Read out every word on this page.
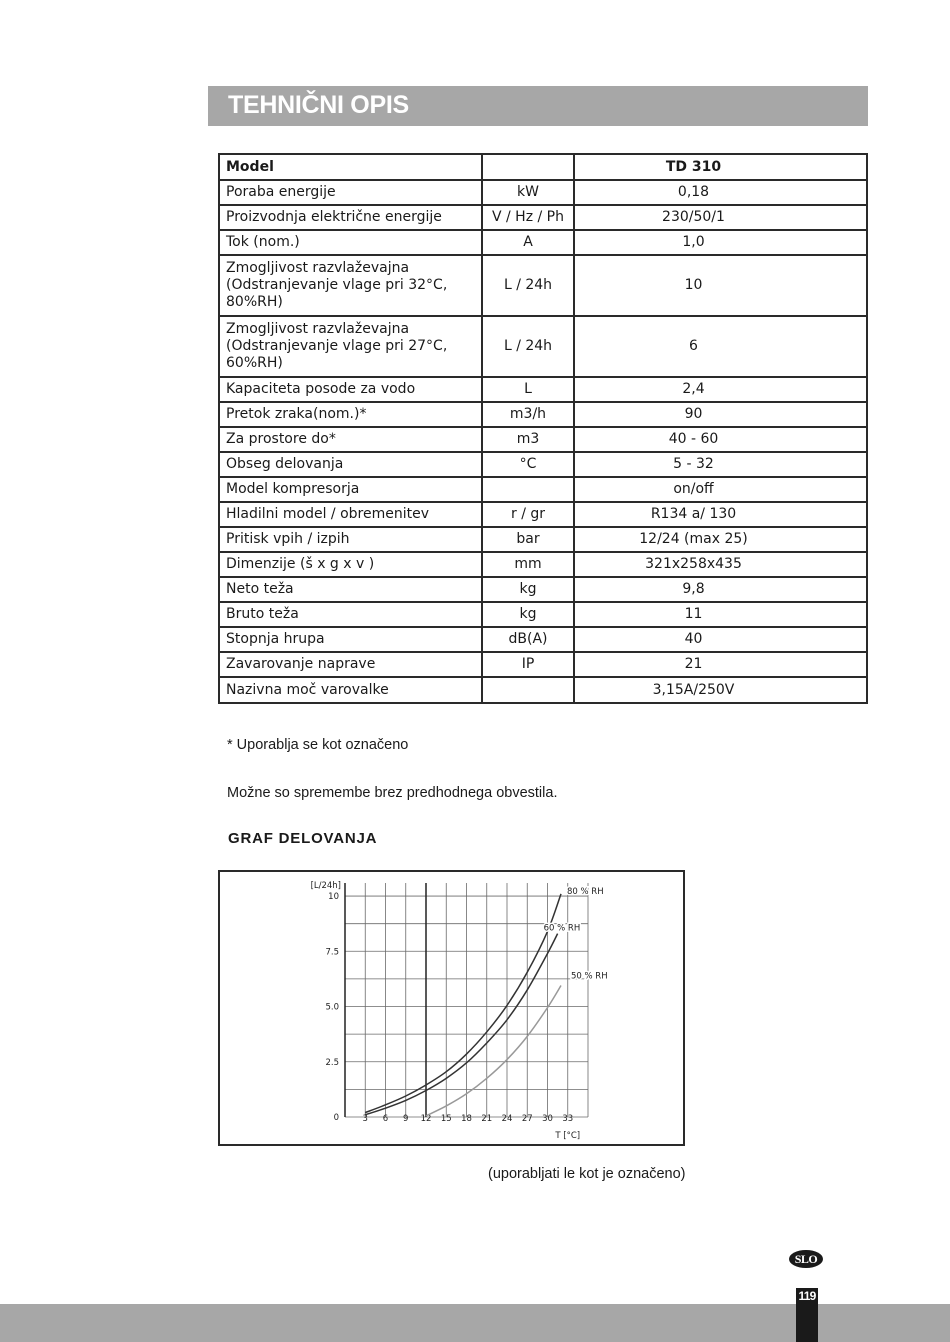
TEHNIČNI OPIS
Model		TD 310
Poraba energije	kW	0,18
Proizvodnja električne energije	V / Hz / Ph	230/50/1
Tok (nom.)	A	1,0
Zmogljivost razvlaževajna (Odstranjevanje vlage pri 32°C, 80%RH)	L / 24h	10
Zmogljivost razvlaževajna (Odstranjevanje vlage pri 27°C, 60%RH)	L / 24h	6
Kapaciteta posode za vodo	L	2,4
Pretok zraka(nom.)*	m3/h	90
Za prostore do*	m3	40 - 60
Obseg delovanja	°C	5 - 32
Model kompresorja		on/off
Hladilni model / obremenitev	r / gr	R134 a/ 130
Pritisk vpih / izpih	bar	12/24 (max 25)
Dimenzije (š x g x v )	mm	321x258x435
Neto teža	kg	9,8
Bruto teža	kg	11
Stopnja hrupa	dB(A)	40
Zavarovanje naprave	IP	21
Nazivna moč varovalke		3,15A/250V
* Uporablja se kot označeno
Možne so spremembe brez predhodnega obvestila.
GRAF DELOVANJA
10
7.5
5.0
2.5
0
[L/24h]
3 6 9 12 15 18 21 24 27 30 33
T [°C]
80 % RH
60 % RH
50 % RH
(uporabljati le kot je označeno)
SLO
119
